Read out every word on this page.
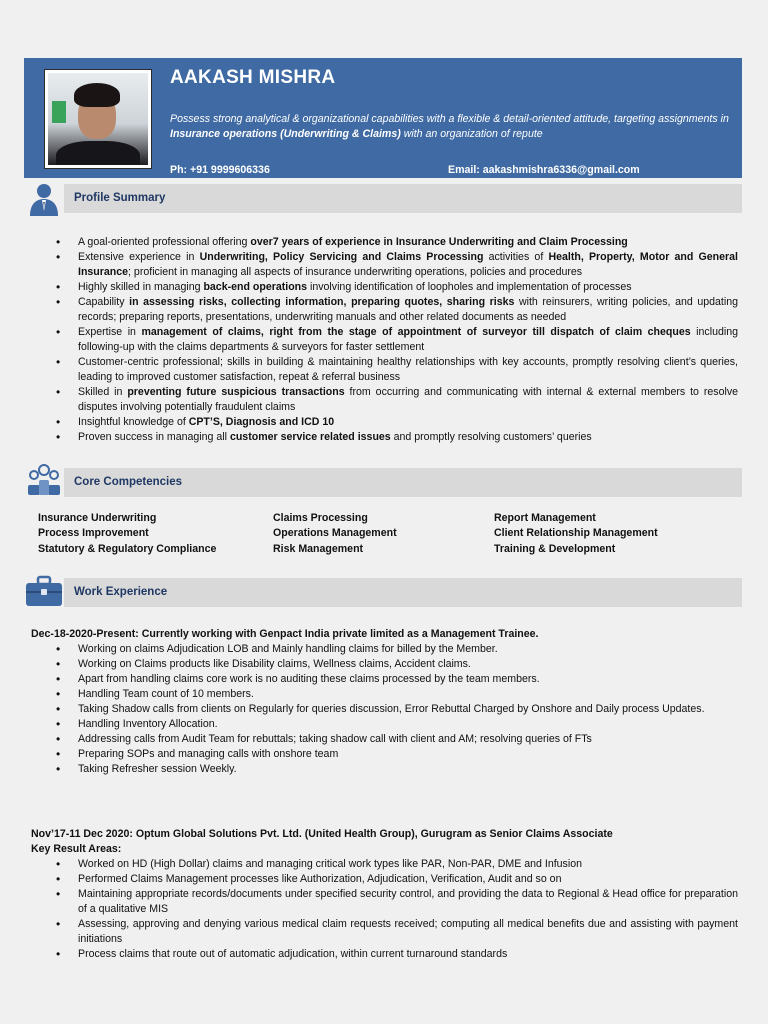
AAKASH MISHRA
Possess strong analytical & organizational capabilities with a flexible & detail-oriented attitude, targeting assignments in Insurance operations (Underwriting & Claims) with an organization of repute
Ph: +91 9999606336	Email: aakashmishra6336@gmail.com
Profile Summary
• A goal-oriented professional offering over7 years of experience in Insurance Underwriting and Claim Processing
• Extensive experience in Underwriting, Policy Servicing and Claims Processing activities of Health, Property, Motor and General Insurance; proficient in managing all aspects of insurance underwriting operations, policies and procedures
• Highly skilled in managing back-end operations involving identification of loopholes and implementation of processes
• Capability in assessing risks, collecting information, preparing quotes, sharing risks with reinsurers, writing policies, and updating records; preparing reports, presentations, underwriting manuals and other related documents as needed
• Expertise in management of claims, right from the stage of appointment of surveyor till dispatch of claim cheques including following-up with the claims departments & surveyors for faster settlement
• Customer-centric professional; skills in building & maintaining healthy relationships with key accounts, promptly resolving client’s queries, leading to improved customer satisfaction, repeat & referral business
• Skilled in preventing future suspicious transactions from occurring and communicating with internal & external members to resolve disputes involving potentially fraudulent claims
• Insightful knowledge of CPT’S, Diagnosis and ICD 10
• Proven success in managing all customer service related issues and promptly resolving customers’ queries
Core Competencies
Insurance Underwriting
Process Improvement
Statutory & Regulatory Compliance
Claims Processing
Operations Management
Risk Management
Report Management
Client Relationship Management
Training & Development
Work Experience
Dec-18-2020-Present: Currently working with Genpact India private limited as a Management Trainee.
• Working on claims Adjudication LOB and Mainly handling claims for billed by the Member.
• Working on Claims products like Disability claims, Wellness claims, Accident claims.
• Apart from handling claims core work is no auditing these claims processed by the team members.
• Handling Team count of 10 members.
• Taking Shadow calls from clients on Regularly for queries discussion, Error Rebuttal Charged by Onshore and Daily process Updates.
• Handling Inventory Allocation.
• Addressing calls from Audit Team for rebuttals; taking shadow call with client and AM; resolving queries of FTs
• Preparing SOPs and managing calls with onshore team
• Taking Refresher session Weekly.
Nov’17-11 Dec 2020: Optum Global Solutions Pvt. Ltd. (United Health Group), Gurugram as Senior Claims Associate
Key Result Areas:
• Worked on HD (High Dollar) claims and managing critical work types like PAR, Non-PAR, DME and Infusion
• Performed Claims Management processes like Authorization, Adjudication, Verification, Audit and so on
• Maintaining appropriate records/documents under specified security control, and providing the data to Regional & Head office for preparation of a qualitative MIS
• Assessing, approving and denying various medical claim requests received; computing all medical benefits due and assisting with payment initiations
• Process claims that route out of automatic adjudication, within current turnaround standards
